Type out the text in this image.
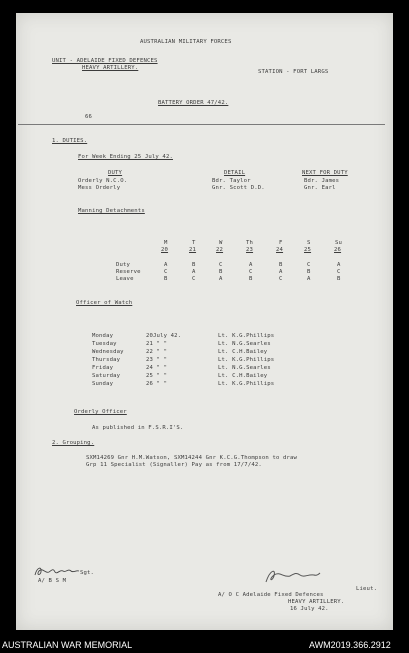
AUSTRALIAN MILITARY FORCES
UNIT - ADELAIDE FIXED DEFENCES
HEAVY ARTILLERY.
STATION - FORT LARGS
BATTERY ORDER 47/42.
66
1. DUTIES.
For Week Ending 25 July 42.
DUTY	DETAIL	NEXT FOR DUTY
Orderly N.C.O.	Bdr. Taylor	Bdr. James
Mess Orderly	Gnr. Scott D.D.	Gnr. Earl
Manning Detachments
M	T	W	Th	F	S	Su
20	21	22	23	24	25	26
Duty	A	B	C	A	B	C	A
Reserve	C	A	B	C	A	B	C
Leave	B	C	A	B	C	A	B
Officer of Watch
Monday	20July 42.	Lt. K.G.Phillips
Tuesday	21 " "	Lt. N.G.Searles
Wednesday	22 " "	Lt. C.H.Bailey
Thursday	23 " "	Lt. K.G.Phillips
Friday	24 " "	Lt. N.G.Searles
Saturday	25 " "	Lt. C.H.Bailey
Sunday	26 " "	Lt. K.G.Phillips
Orderly Officer
As published in F.S.R.I'S.
2. Grouping.
SXM14269 Gnr H.M.Watson, SXM14244 Gnr K.C.G.Thompson to draw
Grp 11 Specialist (Signaller) Pay as from 17/7/42.
Sgt.
A/ B S M
Lieut.
A/ O C Adelaide Fixed Defences
HEAVY ARTILLERY.
16 July 42.
AUSTRALIAN WAR MEMORIAL	AWM2019.366.2912
